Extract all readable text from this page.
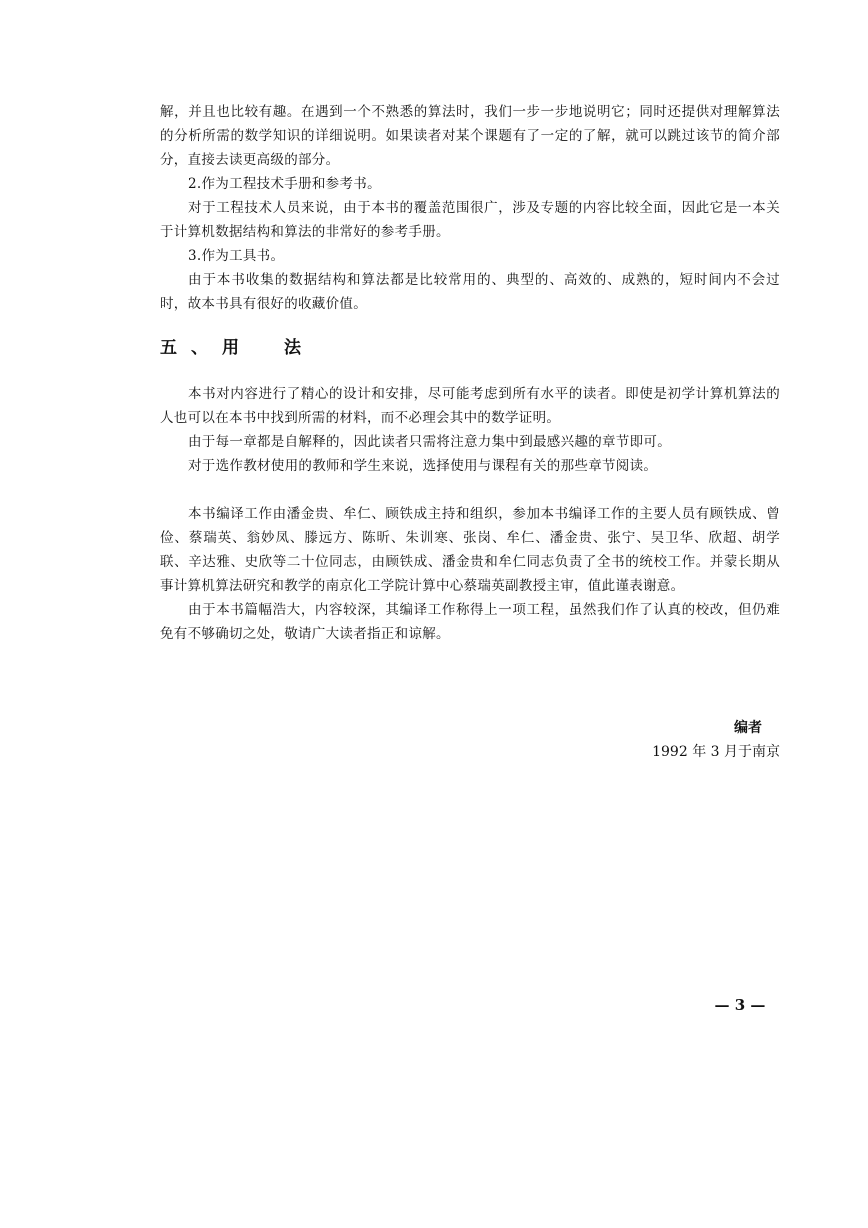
解，并且也比较有趣。在遇到一个不熟悉的算法时，我们一步一步地说明它；同时还提供对理解算法的分析所需的数学知识的详细说明。如果读者对某个课题有了一定的了解，就可以跳过该节的简介部分，直接去读更高级的部分。

2.作为工程技术手册和参考书。

对于工程技术人员来说，由于本书的覆盖范围很广，涉及专题的内容比较全面，因此它是一本关于计算机数据结构和算法的非常好的参考手册。

3.作为工具书。

由于本书收集的数据结构和算法都是比较常用的、典型的、高效的、成熟的，短时间内不会过时，故本书具有很好的收藏价值。

五、用　法

本书对内容进行了精心的设计和安排，尽可能考虑到所有水平的读者。即使是初学计算机算法的人也可以在本书中找到所需的材料，而不必理会其中的数学证明。

由于每一章都是自解释的，因此读者只需将注意力集中到最感兴趣的章节即可。

对于选作教材使用的教师和学生来说，选择使用与课程有关的那些章节阅读。

本书编译工作由潘金贵、牟仁、顾铁成主持和组织，参加本书编译工作的主要人员有顾铁成、曾俭、蔡瑞英、翁妙凤、滕远方、陈昕、朱训寒、张岗、牟仁、潘金贵、张宁、吴卫华、欣超、胡学联、辛达雅、史欣等二十位同志，由顾铁成、潘金贵和牟仁同志负责了全书的统校工作。并蒙长期从事计算机算法研究和教学的南京化工学院计算中心蔡瑞英副教授主审，值此谨表谢意。

由于本书篇幅浩大，内容较深，其编译工作称得上一项工程，虽然我们作了认真的校改，但仍难免有不够确切之处，敬请广大读者指正和谅解。

编者
1992 年 3 月于南京
— 3 —
